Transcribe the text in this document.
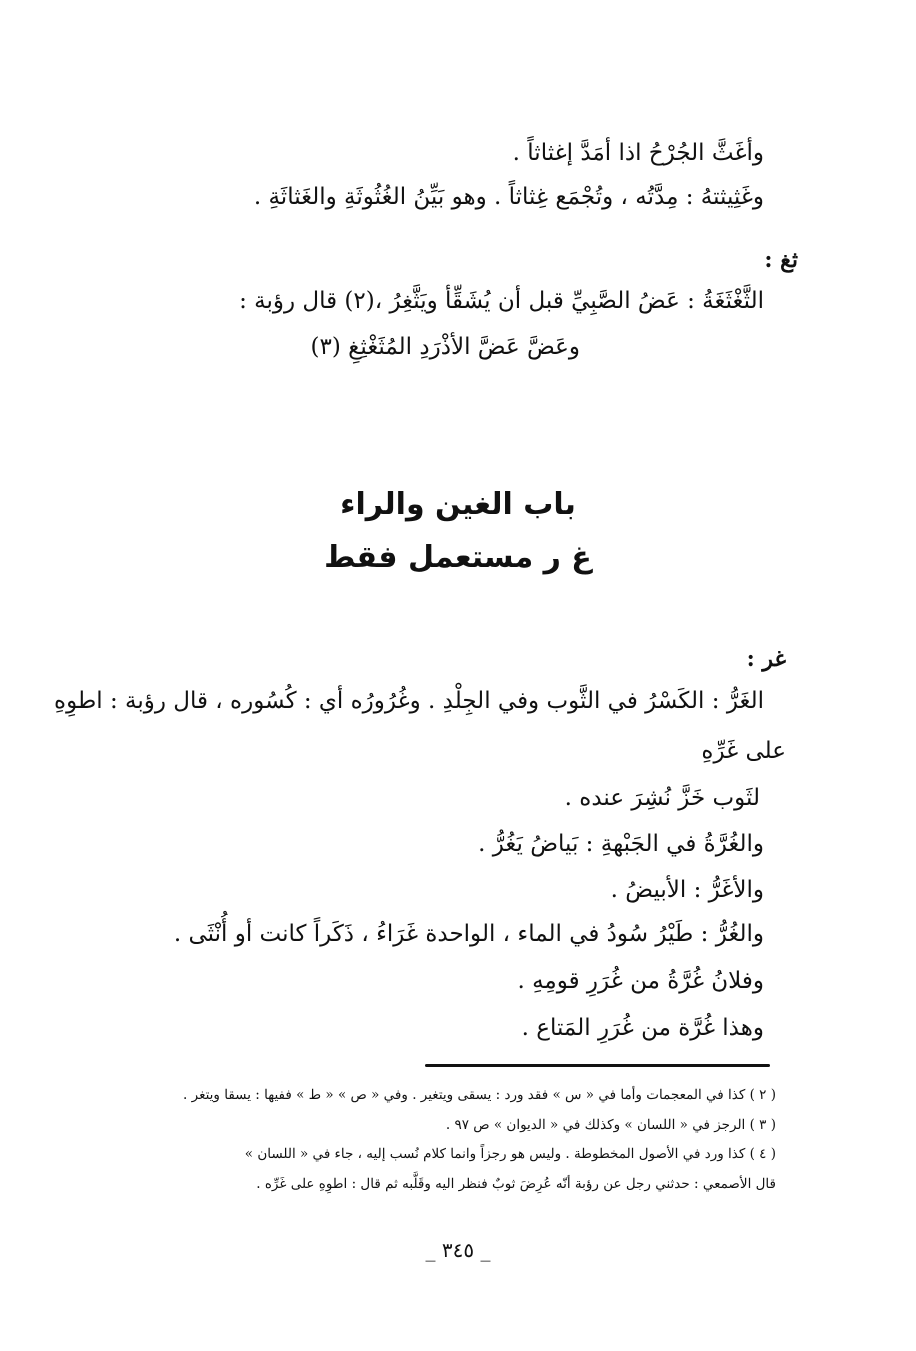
وأغَثَّ الجُرْحُ اذا أمَدَّ إغثاثاً .
وغَثِيثتهُ : مِدَّتُه ، وتُجْمَع غِثاثاً . وهو بَيِّنُ الغُثُوثَةِ والغَثاثَةِ .
ثغ :
الثَّغْثَغَةُ : عَضُ الصَّبِيِّ قبل أن يُشَقِّأ ويَثَّغِرُ ،(٢) قال رؤبة :
وعَضَّ عَضَّ الأذْرَدِ المُثَغْثِغِ (٣)
باب الغين والراء
غ ر مستعمل فقط
غر :
الغَرُّ : الكَسْرُ في الثَّوب وفي الجِلْدِ . وغُرُورُه أي : كُسُوره ، قال رؤبة : اطوِهِ
على غَرِّهِ
لثَوب خَزَّ نُشِرَ عنده .
والغُرَّةُ في الجَبْهةِ : بَياضُ يَغُرُّ .
والأغَرُّ : الأبيضُ .
والغُرُّ : طَيْرُ سُودُ في الماء ، الواحدة غَرَاءُ ، ذَكَراً كانت أو أُنْثَى .
وفلانُ غُرَّةُ من غُرَرِ قومِهِ .
وهذا غُرَّة من غُرَرِ المَتاع .
( ٢ ) كذا في المعجمات وأما في « س » فقد ورد : يسقى ويتغير . وفي « ص » « ط » ففيها : يسقا ويتغر .
( ٣ ) الرجز في « اللسان » وكذلك في « الديوان » ص ٩٧ .
( ٤ ) كذا ورد في الأصول المخطوطة . وليس هو رجزاً وانما كلام نُسب إليه ، جاء في « اللسان »
قال الأصمعي : حدثني رجل عن رؤبة أنّه عُرِضَ ثوبٌ فنظر اليه وقَلَّبه ثم قال : اطوِهِ على غَرِّه .
_ ٣٤٥ _
